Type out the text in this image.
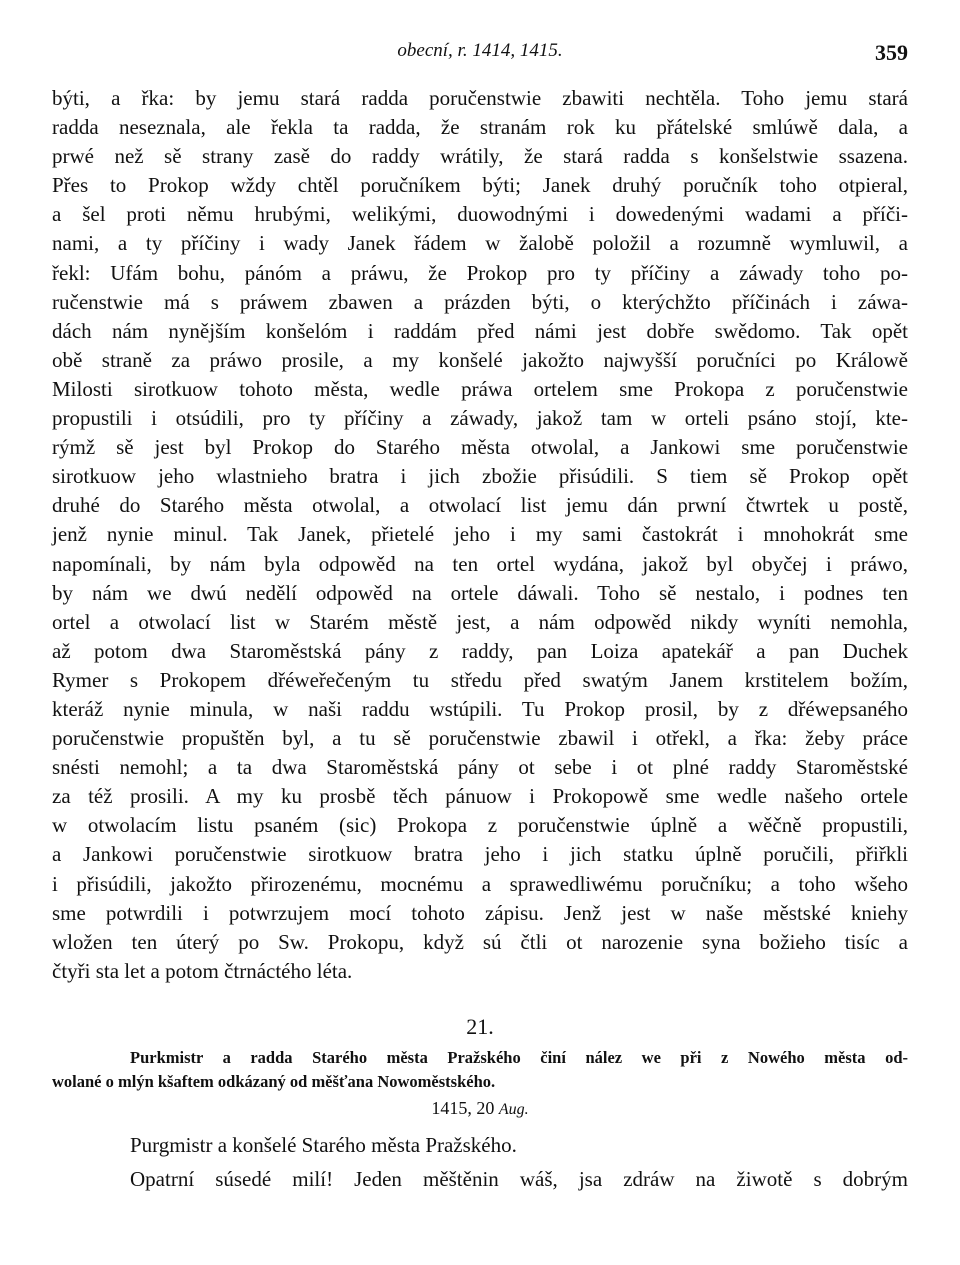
obecní, r. 1414, 1415.	359
býti, a řka: by jemu stará radda poručenstwie zbawiti nechtěla. Toho jemu stará
radda neseznala, ale řekla ta radda, že stranám rok ku přátelské smlúwě dala, a
prwé než sě strany zasě do raddy wrátily, že stará radda s konšelstwie ssazena.
Přes to Prokop wždy chtěl poručníkem býti; Janek druhý poručník toho otpieral,
a šel proti němu hrubými, welikými, duowodnými i dowedenými wadami a příči-
nami, a ty příčiny i wady Janek řádem w žalobě položil a rozumně wymluwil, a
řekl: Ufám bohu, pánóm a práwu, že Prokop pro ty příčiny a záwady toho po-
ručenstwie má s práwem zbawen a prázden býti, o kterýchžto příčinách i záwa-
dách nám nynějším konšelóm i raddám před námi jest dobře swědomo. Tak opět
obě straně za práwo prosile, a my konšelé jakožto najwyšší poručníci po Králowě
Milosti sirotkuow tohoto města, wedle práwa ortelem sme Prokopa z poručenstwie
propustili i otsúdili, pro ty příčiny a záwady, jakož tam w orteli psáno stojí, kte-
rýmž sě jest byl Prokop do Starého města otwolal, a Jankowi sme poručenstwie
sirotkuow jeho wlastnieho bratra i jich zbožie přisúdili. S tiem sě Prokop opět
druhé do Starého města otwolal, a otwolací list jemu dán prwní čtwrtek u postě,
jenž nynie minul. Tak Janek, přietelé jeho i my sami častokrát i mnohokrát sme
napomínali, by nám byla odpowěd na ten ortel wydána, jakož byl obyčej i práwo,
by nám we dwú nedělí odpowěd na ortele dáwali. Toho sě nestalo, i podnes ten
ortel a otwolací list w Starém městě jest, a nám odpowěd nikdy wyníti nemohla,
až potom dwa Staroměstská pány z raddy, pan Loiza apatekář a pan Duchek
Rymer s Prokopem dřéweřečeným tu středu před swatým Janem krstitelem božím,
kteráž nynie minula, w naši raddu wstúpili. Tu Prokop prosil, by z dřéwepsaného
poručenstwie propuštěn byl, a tu sě poručenstwie zbawil i otřekl, a řka: žeby práce
snésti nemohl; a ta dwa Staroměstská pány ot sebe i ot plné raddy Staroměstské
za též prosili. A my ku prosbě těch pánuow i Prokopowě sme wedle našeho ortele
w otwolacím listu psaném (sic) Prokopa z poručenstwie úplně a wěčně propustili,
a Jankowi poručenstwie sirotkuow bratra jeho i jich statku úplně poručili, přiřkli
i přisúdili, jakožto přirozenému, mocnému a sprawedliwému poručníku; a toho wšeho
sme potwrdili i potwrzujem mocí tohoto zápisu. Jenž jest w naše městské kniehy
wložen ten úterý po Sw. Prokopu, když sú čtli ot narozenie syna božieho tisíc a
čtyři sta let a potom čtrnáctého léta.
21.
Purkmistr a radda Starého města Pražského činí nález we při z Nowého města od-
wolané o mlýn kšaftem odkázaný od měšťana Nowoměstského.
1415, 20 Aug.
Purgmistr a konšelé Starého města Pražského.
Opatrní súsedé milí! Jeden měštěnin wáš, jsa zdráw na žiwotě s dobrým
